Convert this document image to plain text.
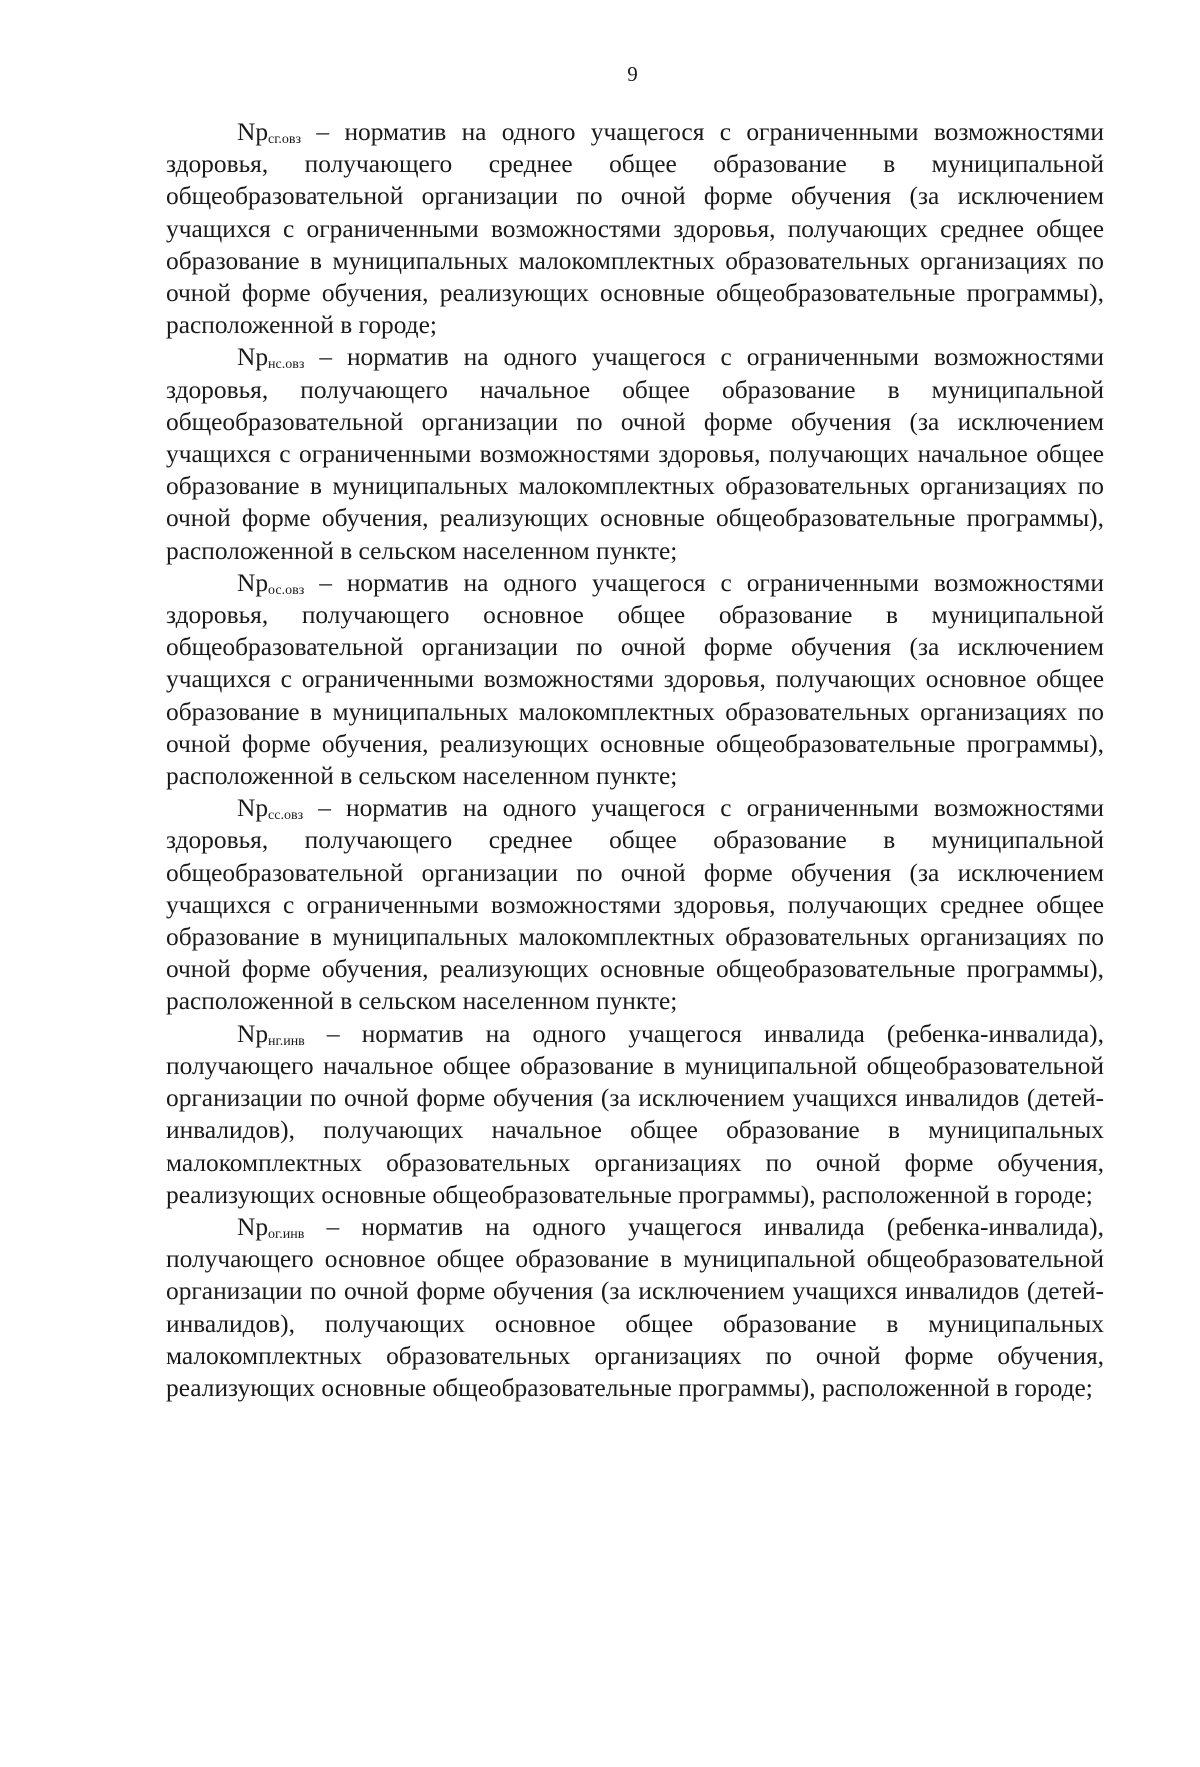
9

$Np_{сг.овз}$ – норматив на одного учащегося с ограниченными возможностями здоровья, получающего среднее общее образование в муниципальной общеобразовательной организации по очной форме обучения (за исключением учащихся с ограниченными возможностями здоровья, получающих среднее общее образование в муниципальных малокомплектных образовательных организациях по очной форме обучения, реализующих основные общеобразовательные программы), расположенной в городе;

$Np_{нс.овз}$ – норматив на одного учащегося с ограниченными возможностями здоровья, получающего начальное общее образование в муниципальной общеобразовательной организации по очной форме обучения (за исключением учащихся с ограниченными возможностями здоровья, получающих начальное общее образование в муниципальных малокомплектных образовательных организациях по очной форме обучения, реализующих основные общеобразовательные программы), расположенной в сельском населенном пункте;

$Np_{ос.овз}$ – норматив на одного учащегося с ограниченными возможностями здоровья, получающего основное общее образование в муниципальной общеобразовательной организации по очной форме обучения (за исключением учащихся с ограниченными возможностями здоровья, получающих основное общее образование в муниципальных малокомплектных образовательных организациях по очной форме обучения, реализующих основные общеобразовательные программы), расположенной в сельском населенном пункте;

$Np_{сс.овз}$ – норматив на одного учащегося с ограниченными возможностями здоровья, получающего среднее общее образование в муниципальной общеобразовательной организации по очной форме обучения (за исключением учащихся с ограниченными возможностями здоровья, получающих среднее общее образование в муниципальных малокомплектных образовательных организациях по очной форме обучения, реализующих основные общеобразовательные программы), расположенной в сельском населенном пункте;

$Np_{нг.инв}$ – норматив на одного учащегося инвалида (ребенка-инвалида), получающего начальное общее образование в муниципальной общеобразовательной организации по очной форме обучения (за исключением учащихся инвалидов (детей-инвалидов), получающих начальное общее образование в муниципальных малокомплектных образовательных организациях по очной форме обучения, реализующих основные общеобразовательные программы), расположенной в городе;

$Np_{ог.инв}$ – норматив на одного учащегося инвалида (ребенка-инвалида), получающего основное общее образование в муниципальной общеобразовательной организации по очной форме обучения (за исключением учащихся инвалидов (детей-инвалидов), получающих основное общее образование в муниципальных малокомплектных образовательных организациях по очной форме обучения, реализующих основные общеобразовательные программы), расположенной в городе;
